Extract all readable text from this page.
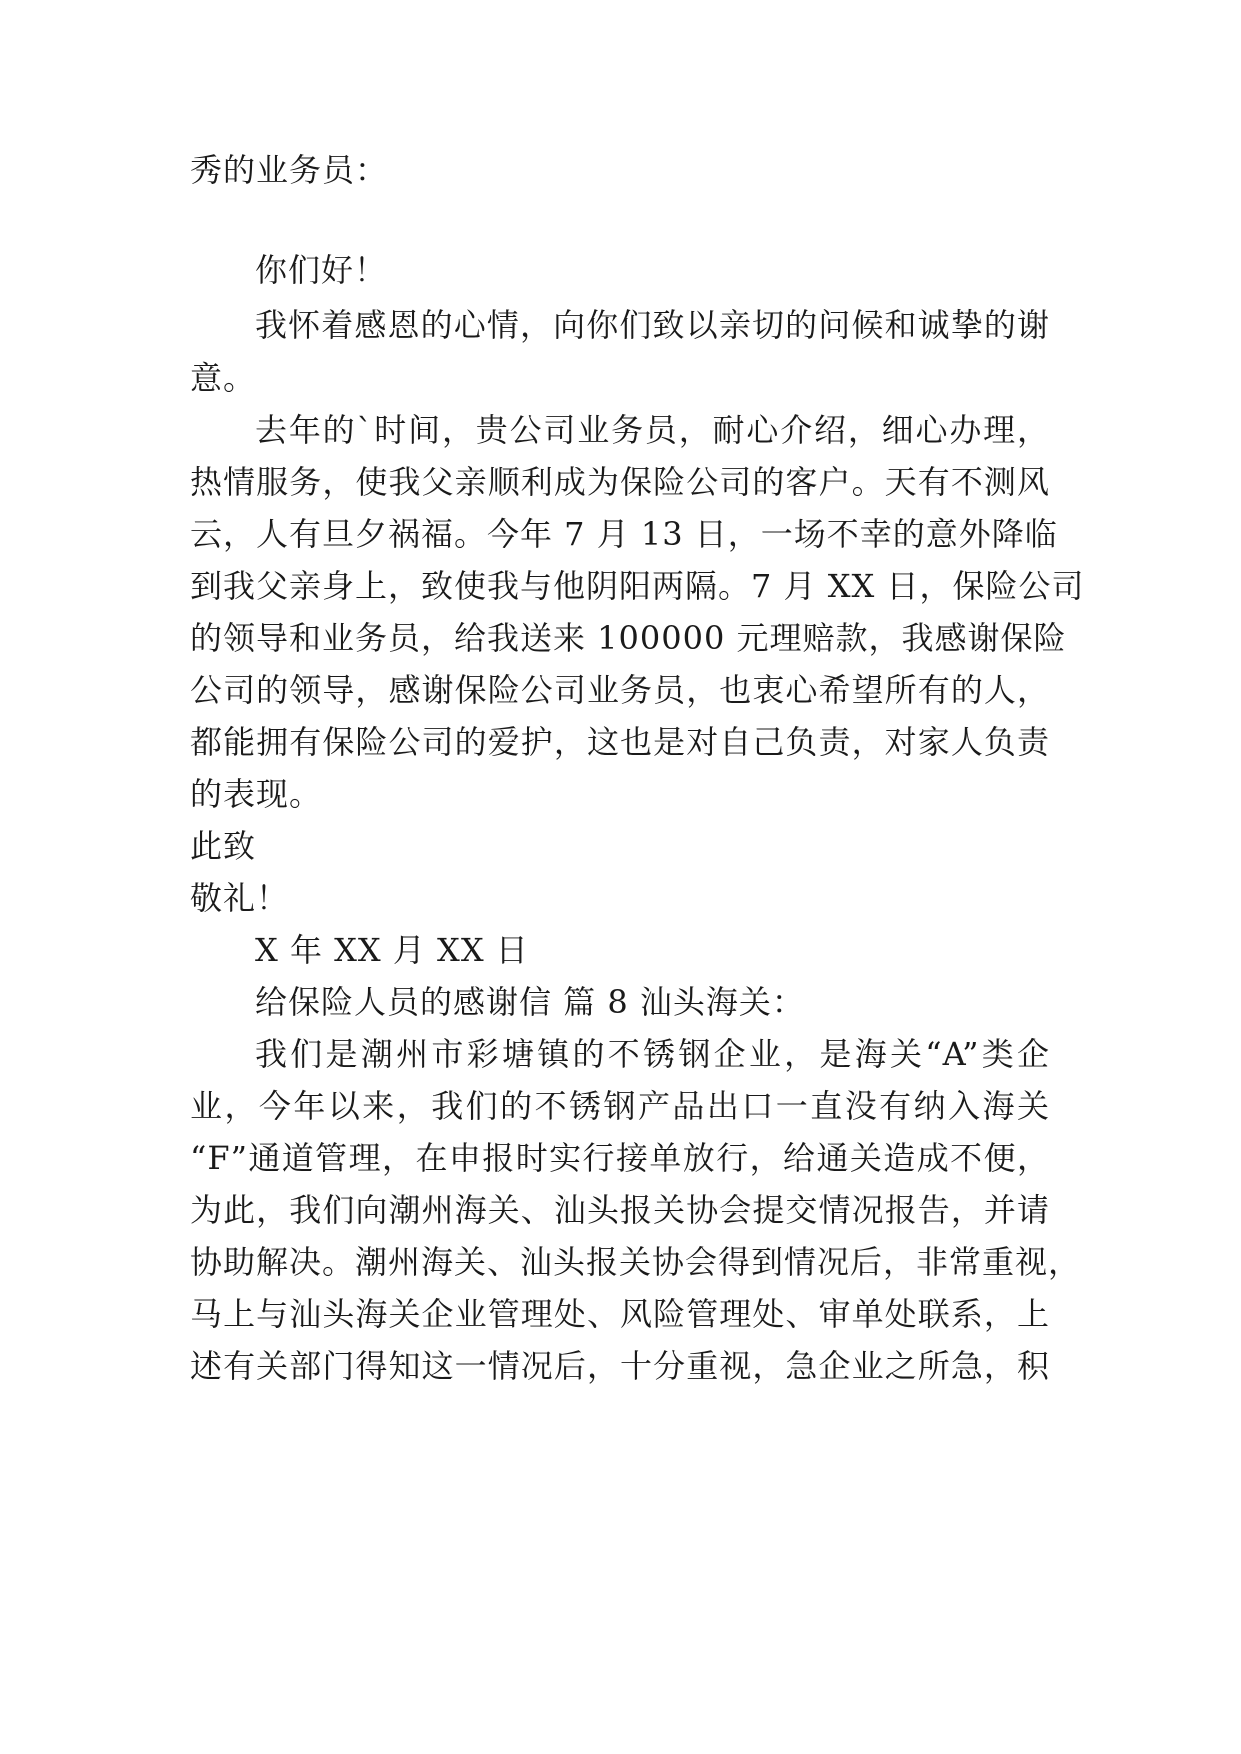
秀的业务员：
你们好！
我怀着感恩的心情，向你们致以亲切的问候和诚挚的谢
意。
去年的`时间，贵公司业务员，耐心介绍，细心办理，
热情服务，使我父亲顺利成为保险公司的客户。天有不测风
云，人有旦夕祸福。今年 7 月 13 日，一场不幸的意外降临
到我父亲身上，致使我与他阴阳两隔。7 月 XX 日，保险公司
的领导和业务员，给我送来 100000 元理赔款，我感谢保险
公司的领导，感谢保险公司业务员，也衷心希望所有的人，
都能拥有保险公司的爱护，这也是对自己负责，对家人负责
的表现。
此致
敬礼！
X 年 XX 月 XX 日
给保险人员的感谢信 篇 8 汕头海关：
我们是潮州市彩塘镇的不锈钢企业，是海关“A”类企
业，今年以来，我们的不锈钢产品出口一直没有纳入海关
“F”通道管理，在申报时实行接单放行，给通关造成不便，
为此，我们向潮州海关、汕头报关协会提交情况报告，并请
协助解决。潮州海关、汕头报关协会得到情况后，非常重视，
马上与汕头海关企业管理处、风险管理处、审单处联系，上
述有关部门得知这一情况后，十分重视，急企业之所急，积
